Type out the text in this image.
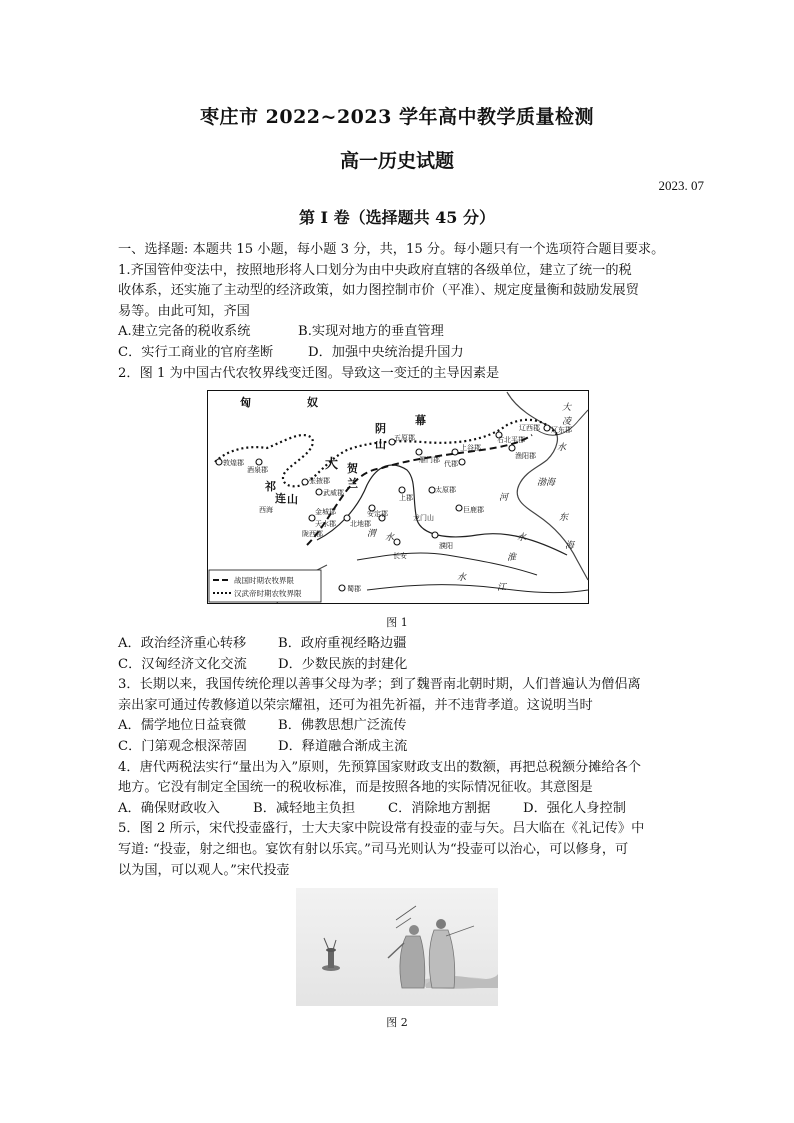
枣庄市 2022~2023 学年高中教学质量检测
高一历史试题
2023. 07
第 I 卷（选择题共 45 分）
一、选择题: 本题共 15 小题，每小题 3 分，共，15 分。每小题只有一个选项符合题目要求。
1.齐国管仲变法中，按照地形将人口划分为由中央政府直辖的各级单位，建立了统一的税
收体系，还实施了主动型的经济政策，如力图控制市价（平准）、规定度量衡和鼓励发展贸
易等。由此可知，齐国
A.建立完备的税收系统	B.实现对地方的垂直管理
C．实行工商业的官府垄断	D．加强中央统治提升国力
2．图 1 为中国古代农牧界线变迁图。导致这一变迁的主导因素是
匈	奴
幕
大
阴
山
贺
兰
祁
连 山
敦煌郡
酒泉郡
张掖郡
武威郡
西海	金城郡
天水郡 北地郡
陇西郡
安定郡
上郡
太原郡
五原郡
雁门郡 代郡
上谷郡
右北平郡
辽东郡
辽西郡
渔阳郡
巨鹿郡
濮阳
龙门山
长安
蜀郡
渤海
东
海
河
淮
水
江
水
渭 水
大
凌
水
战国时期农牧界限
汉武帝时期农牧界限
图 1
A．政治经济重心转移 B．政府重视经略边疆
C．汉匈经济文化交流 D．少数民族的封建化
3．长期以来，我国传统伦理以善事父母为孝；到了魏晋南北朝时期，人们普遍认为僧侣离
亲出家可通过传教修道以荣宗耀祖，还可为祖先祈福，并不违背孝道。这说明当时
A．儒学地位日益衰微 B．佛教思想广泛流传
C．门第观念根深蒂固 D．释道融合渐成主流
4．唐代两税法实行“量出为入”原则，先预算国家财政支出的数额，再把总税额分摊给各个
地方。它没有制定全国统一的税收标准，而是按照各地的实际情况征收。其意图是
A．确保财政收入	B．减轻地主负担 C．消除地方割据 D．强化人身控制
5．图 2 所示，宋代投壶盛行，士大夫家中院设常有投壶的壶与矢。吕大临在《礼记传》中
写道: “投壶，射之细也。宴饮有射以乐宾。”司马光则认为“投壶可以治心，可以修身，可
以为国，可以观人。”宋代投壶
图 2
